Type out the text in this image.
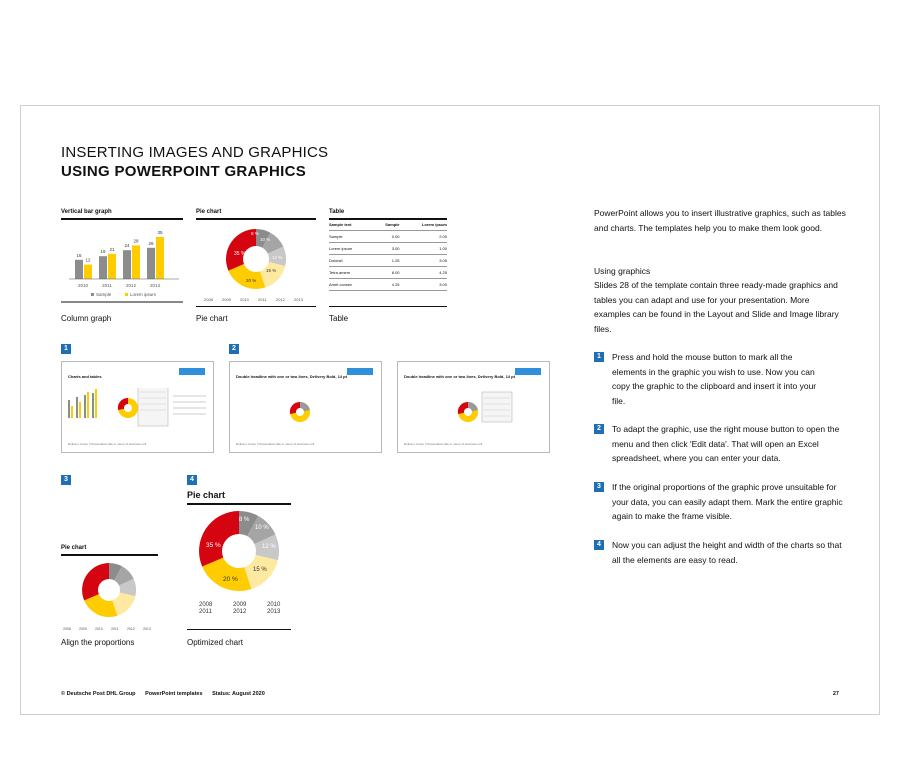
INSERTING IMAGES AND GRAPHICS
USING POWERPOINT GRAPHICS
Vertical bar graph
16
12
2010
19 21
2011
24
28
2012
26
35
2013
Sample	Lorem ipsum
Column graph
Pie chart
35 %
8 %
10 %
12 %
15 %
20 %
2008 2009 2010 2011 2012 2013
Pie chart
Table
Sample text	Sample	Lorem ipsum
Sample	0.00	2.00
Lorem ipsum	3.00	1.00
Dolorsit	1.25	3.05
Tetra amem	8.00	4.25
Amet consec	4.25	3.00
Table
1	2
Charts and tables
Delivery Group | Presentation title or name of business unit
Double headline with one or two lines, Delivery Bold, 14 pt
Delivery Group | Presentation title or name of business unit
Double headline with one or two lines, Delivery Bold, 14 pt
Delivery Group | Presentation title or name of business unit
3	4
Pie chart
2008 2009 2010 2011 2012 2013
Align the proportions
Pie chart
35 %
8 %
10 %
12 %
15 %
20 %
2008	2009	2010
2011	2012	2013
Optimized chart
PowerPoint allows you to insert illustrative graphics, such as tables and charts. The templates help you to make them look good.
Using graphics
Slides 28 of the template contain three ready-made graphics and tables you can adapt and use for your presentation. More examples can be found in the Layout and Slide and Image library files.
1	Press and hold the mouse button to mark all the elements in the graphic you wish to use. Now you can copy the graphic to the clipboard and insert it into your file.
2	To adapt the graphic, use the right mouse button to open the menu and then click 'Edit data'. That will open an Excel spreadsheet, where you can enter your data.
3	If the original proportions of the graphic prove unsuitable for your data, you can easily adapt them. Mark the entire graphic again to make the frame visible.
4	Now you can adjust the height and width of the charts so that all the elements are easy to read.
© Deutsche Post DHL Group PowerPoint templates Status: August 2020	27
